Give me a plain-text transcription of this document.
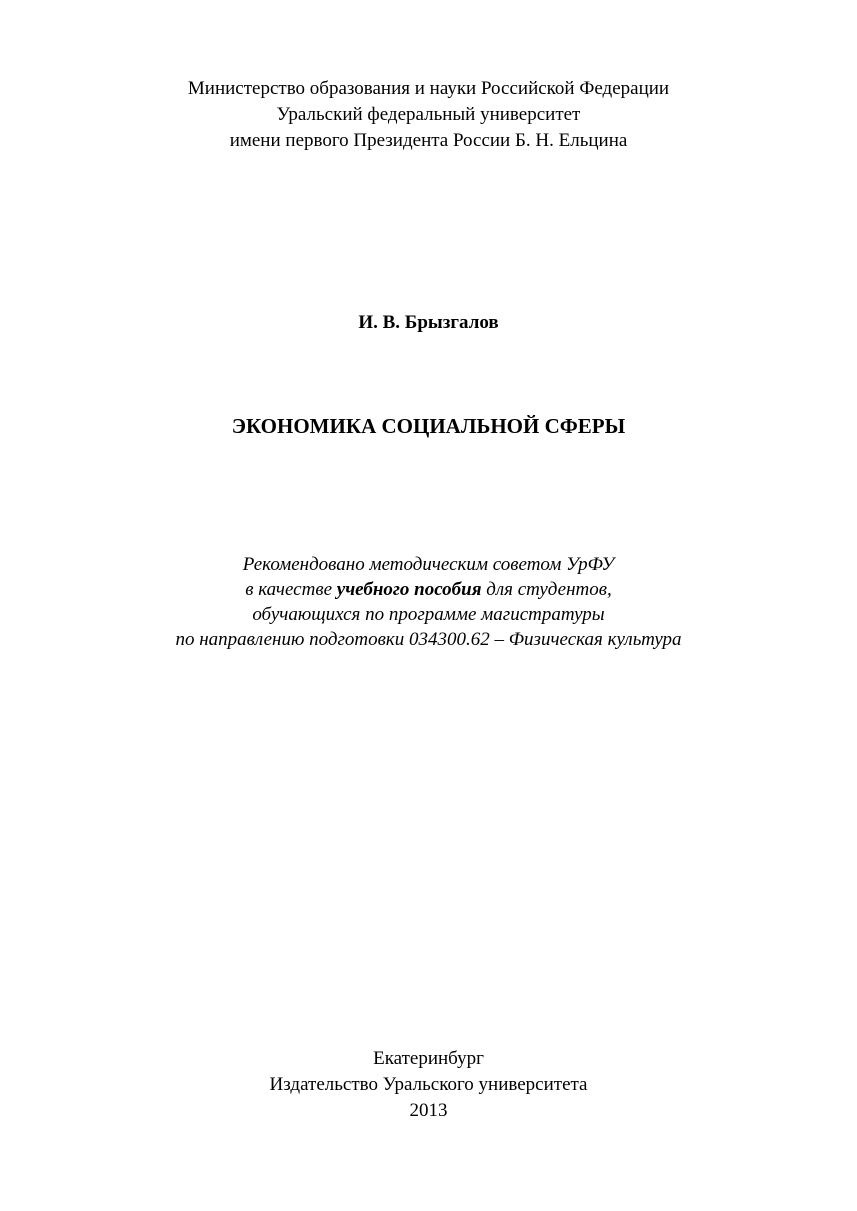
Министерство образования и науки Российской Федерации
Уральский федеральный университет
имени первого Президента России Б. Н. Ельцина
И. В. Брызгалов
ЭКОНОМИКА СОЦИАЛЬНОЙ СФЕРЫ
Рекомендовано методическим советом УрФУ
в качестве учебного пособия для студентов,
обучающихся по программе магистратуры
по направлению подготовки 034300.62 – Физическая культура
Екатеринбург
Издательство Уральского университета
2013
